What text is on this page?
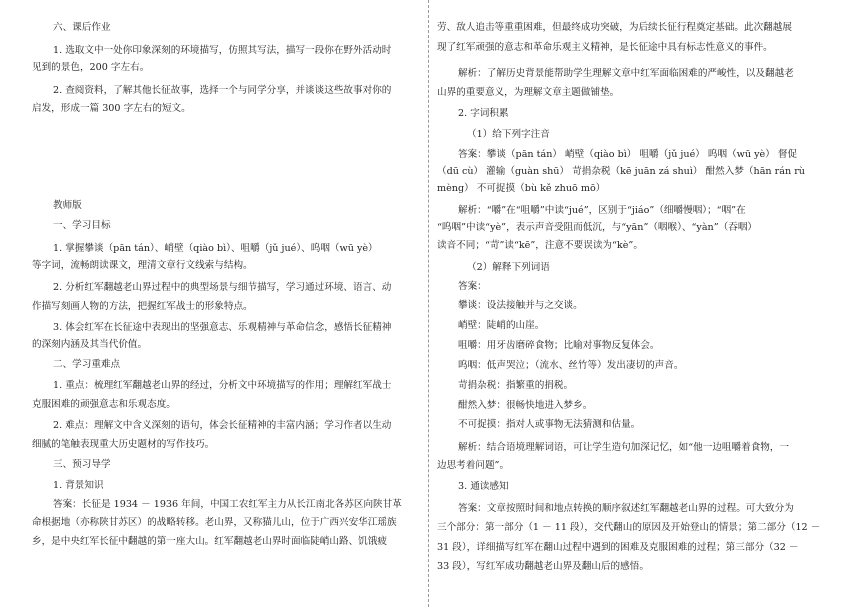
六、课后作业
1. 选取文中一处你印象深刻的环境描写，仿照其写法，描写一段你在野外活动时
见到的景色，200 字左右。
2. 查阅资料，了解其他长征故事，选择一个与同学分享，并谈谈这些故事对你的
启发，形成一篇 300 字左右的短文。
教师版
一、学习目标
1. 掌握攀谈（pān tán）、峭壁（qiào bì）、咀嚼（jǔ jué）、呜咽（wū yè）
等字词，流畅朗读课文，理清文章行文线索与结构。
2. 分析红军翻越老山界过程中的典型场景与细节描写，学习通过环境、语言、动
作描写刻画人物的方法，把握红军战士的形象特点。
3. 体会红军在长征途中表现出的坚强意志、乐观精神与革命信念，感悟长征精神
的深刻内涵及其当代价值。
二、学习重难点
1. 重点：梳理红军翻越老山界的经过，分析文中环境描写的作用；理解红军战士
克服困难的顽强意志和乐观态度。
2. 难点：理解文中含义深刻的语句，体会长征精神的丰富内涵；学习作者以生动
细腻的笔触表现重大历史题材的写作技巧。
三、预习导学
1. 背景知识
答案：长征是 1934 － 1936 年间，中国工农红军主力从长江南北各苏区向陕甘革
命根据地（亦称陕甘苏区）的战略转移。老山界，又称猫儿山，位于广西兴安华江瑶族
乡，是中央红军长征中翻越的第一座大山。红军翻越老山界时面临陡峭山路、饥饿疲
劳、敌人追击等重重困难，但最终成功突破，为后续长征行程奠定基础。此次翻越展
现了红军顽强的意志和革命乐观主义精神，是长征途中具有标志性意义的事件。
解析：了解历史背景能帮助学生理解文章中红军面临困难的严峻性，以及翻越老
山界的重要意义，为理解文章主题做铺垫。
2. 字词积累
（1）给下列字注音
答案：攀谈（pān tán） 峭壁（qiào bì） 咀嚼（jǔ jué） 呜咽（wū yè） 督促
（dū cù） 灌输（guàn shū） 苛捐杂税（kē juān zá shuì） 酣然入梦（hān rán rù
mèng） 不可捉摸（bù kě zhuō mō）
解析：“嚼”在“咀嚼”中读“jué”，区别于“jiáo”（细嚼慢咽）；“咽”在
“呜咽”中读“yè”，表示声音受阻而低沉，与“yān”（咽喉）、“yàn”（吞咽）
读音不同；“苛”读“kē”，注意不要误读为“kè”。
（2）解释下列词语
答案：
攀谈：设法接触并与之交谈。
峭壁：陡峭的山崖。
咀嚼：用牙齿磨碎食物；比喻对事物反复体会。
呜咽：低声哭泣；（流水、丝竹等）发出凄切的声音。
苛捐杂税：指繁重的捐税。
酣然入梦：很畅快地进入梦乡。
不可捉摸：指对人或事物无法猜测和估量。
解析：结合语境理解词语，可让学生造句加深记忆，如“他一边咀嚼着食物，一
边思考着问题”。
3. 通读感知
答案：文章按照时间和地点转换的顺序叙述红军翻越老山界的过程。可大致分为
三个部分：第一部分（1 － 11 段），交代翻山的原因及开始登山的情景；第二部分（12 －
31 段），详细描写红军在翻山过程中遇到的困难及克服困难的过程；第三部分（32 －
33 段），写红军成功翻越老山界及翻山后的感悟。
